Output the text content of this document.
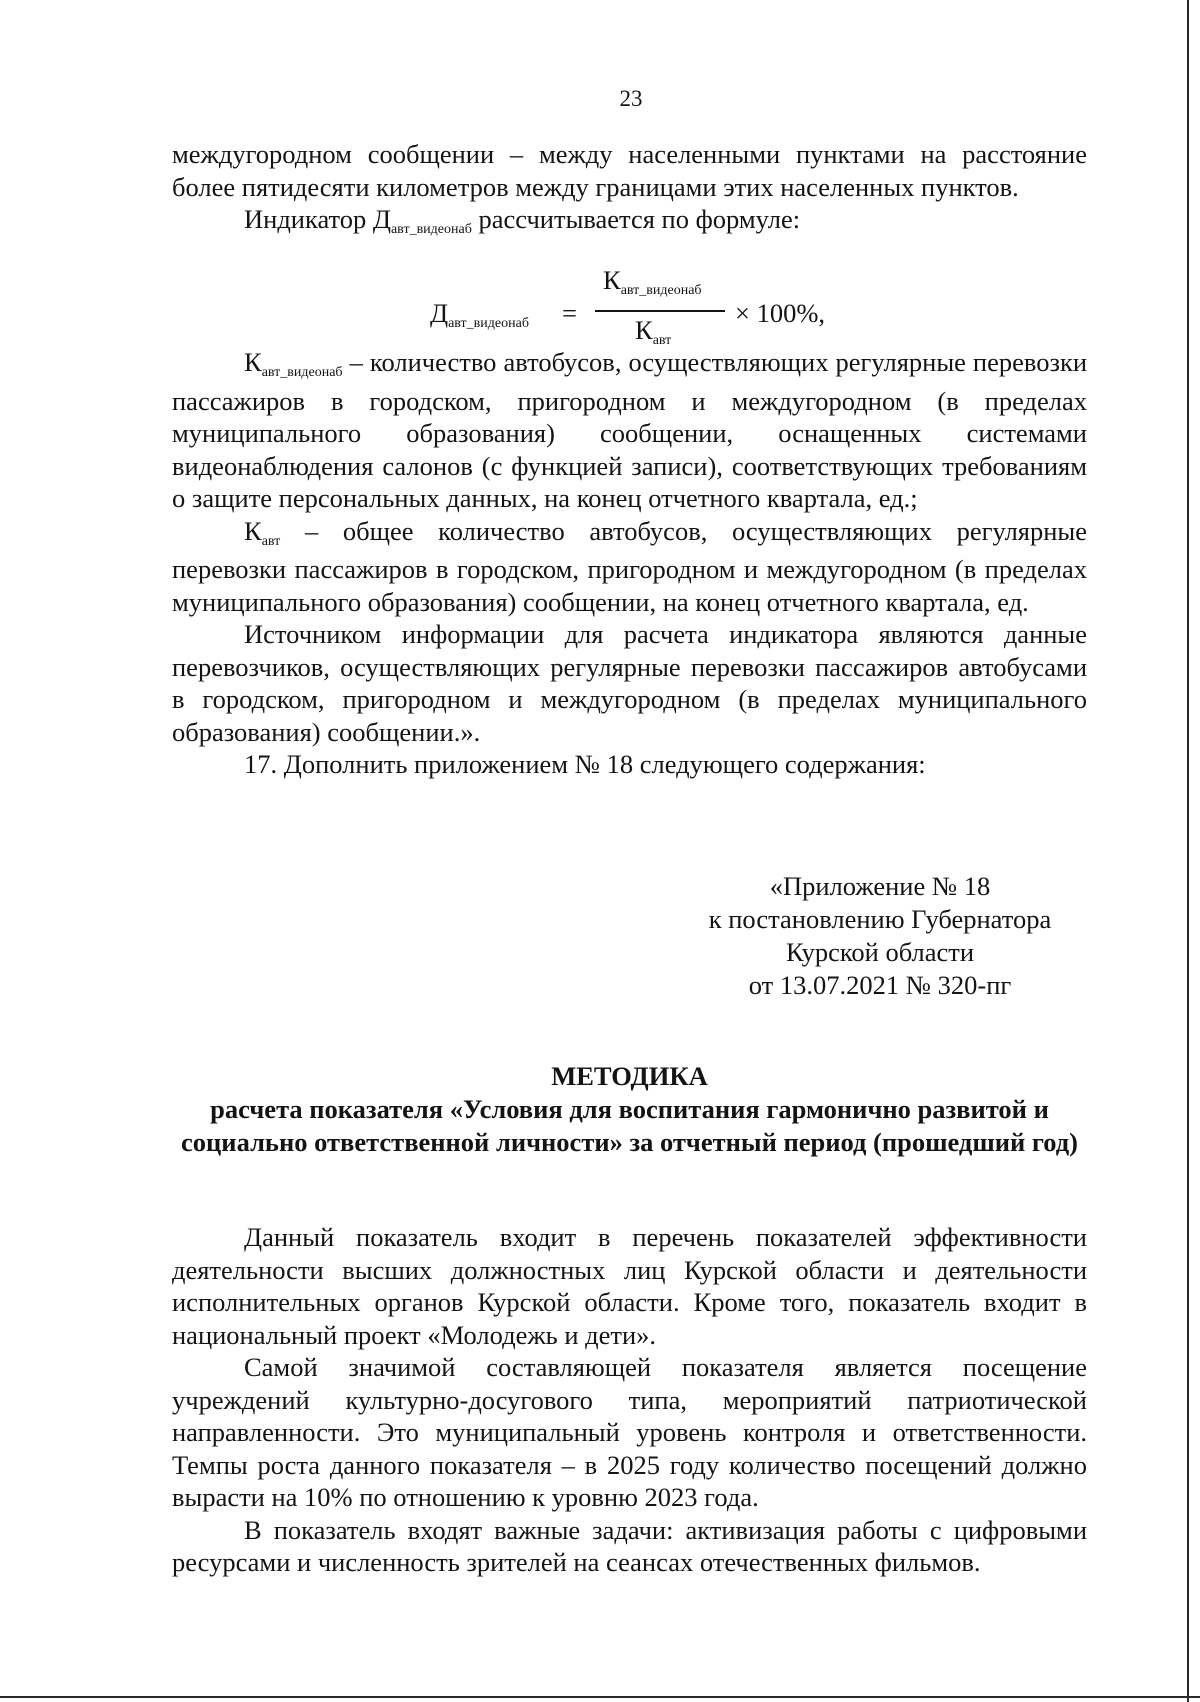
23

междугородном сообщении – между населенными пунктами на расстояние более пятидесяти километров между границами этих населенных пунктов.

Индикатор $Д_{авт\_видеонаб}$ рассчитывается по формуле:

$Д_{авт\_видеонаб}$ =
$К_{авт\_видеонаб}$
$К_{авт}$
× 100%,

$К_{авт\_видеонаб}$ – количество автобусов, осуществляющих регулярные перевозки пассажиров в городском, пригородном и междугородном (в пределах муниципального образования) сообщении, оснащенных системами видеонаблюдения салонов (с функцией записи), соответствующих требованиям о защите персональных данных, на конец отчетного квартала, ед.;

$К_{авт}$ – общее количество автобусов, осуществляющих регулярные перевозки пассажиров в городском, пригородном и междугородном (в пределах муниципального образования) сообщении, на конец отчетного квартала, ед.

Источником информации для расчета индикатора являются данные перевозчиков, осуществляющих регулярные перевозки пассажиров автобусами в городском, пригородном и междугородном (в пределах муниципального образования) сообщении.».

17. Дополнить приложением № 18 следующего содержания:

«Приложение № 18
к постановлению Губернатора
Курской области
от 13.07.2021 № 320-пг
МЕТОДИКА
расчета показателя «Условия для воспитания гармонично развитой и социально ответственной личности» за отчетный период (прошедший год)

Данный показатель входит в перечень показателей эффективности деятельности высших должностных лиц Курской области и деятельности исполнительных органов Курской области. Кроме того, показатель входит в национальный проект «Молодежь и дети».

Самой значимой составляющей показателя является посещение учреждений культурно-досугового типа, мероприятий патриотической направленности. Это муниципальный уровень контроля и ответственности. Темпы роста данного показателя – в 2025 году количество посещений должно вырасти на 10% по отношению к уровню 2023 года.

В показатель входят важные задачи: активизация работы с цифровыми ресурсами и численность зрителей на сеансах отечественных фильмов.
